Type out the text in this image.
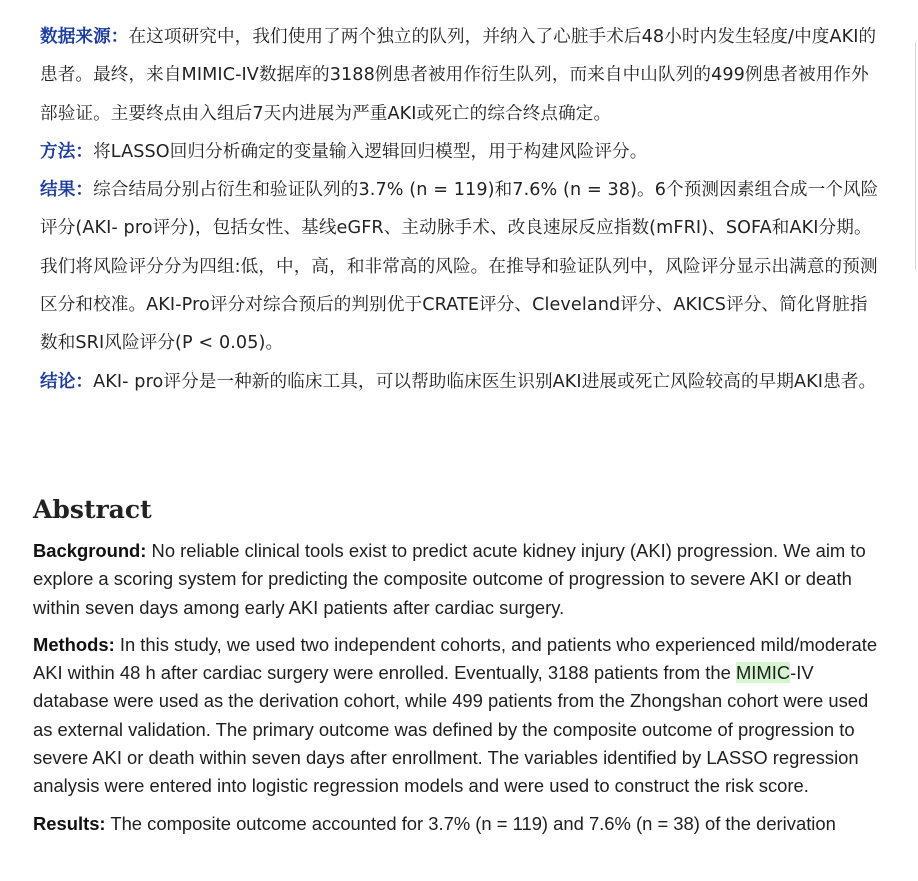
数据来源：在这项研究中，我们使用了两个独立的队列，并纳入了心脏手术后48小时内发生轻度/中度AKI的患者。最终，来自MIMIC-IV数据库的3188例患者被用作衍生队列，而来自中山队列的499例患者被用作外部验证。主要终点由入组后7天内进展为严重AKI或死亡的综合终点确定。

方法：将LASSO回归分析确定的变量输入逻辑回归模型，用于构建风险评分。

结果：综合结局分别占衍生和验证队列的3.7% (n = 119)和7.6% (n = 38)。6个预测因素组合成一个风险评分(AKI- pro评分)，包括女性、基线eGFR、主动脉手术、改良速尿反应指数(mFRI)、SOFA和AKI分期。我们将风险评分分为四组:低，中，高，和非常高的风险。在推导和验证队列中，风险评分显示出满意的预测区分和校准。AKI-Pro评分对综合预后的判别优于CRATE评分、Cleveland评分、AKICS评分、简化肾脏指数和SRI风险评分(P < 0.05)。

结论：AKI- pro评分是一种新的临床工具，可以帮助临床医生识别AKI进展或死亡风险较高的早期AKI患者。

Abstract

Background: No reliable clinical tools exist to predict acute kidney injury (AKI) progression. We aim to explore a scoring system for predicting the composite outcome of progression to severe AKI or death within seven days among early AKI patients after cardiac surgery.

Methods: In this study, we used two independent cohorts, and patients who experienced mild/moderate AKI within 48 h after cardiac surgery were enrolled. Eventually, 3188 patients from the MIMIC-IV database were used as the derivation cohort, while 499 patients from the Zhongshan cohort were used as external validation. The primary outcome was defined by the composite outcome of progression to severe AKI or death within seven days after enrollment. The variables identified by LASSO regression analysis were entered into logistic regression models and were used to construct the risk score.

Results: The composite outcome accounted for 3.7% (n = 119) and 7.6% (n = 38) of the derivation
